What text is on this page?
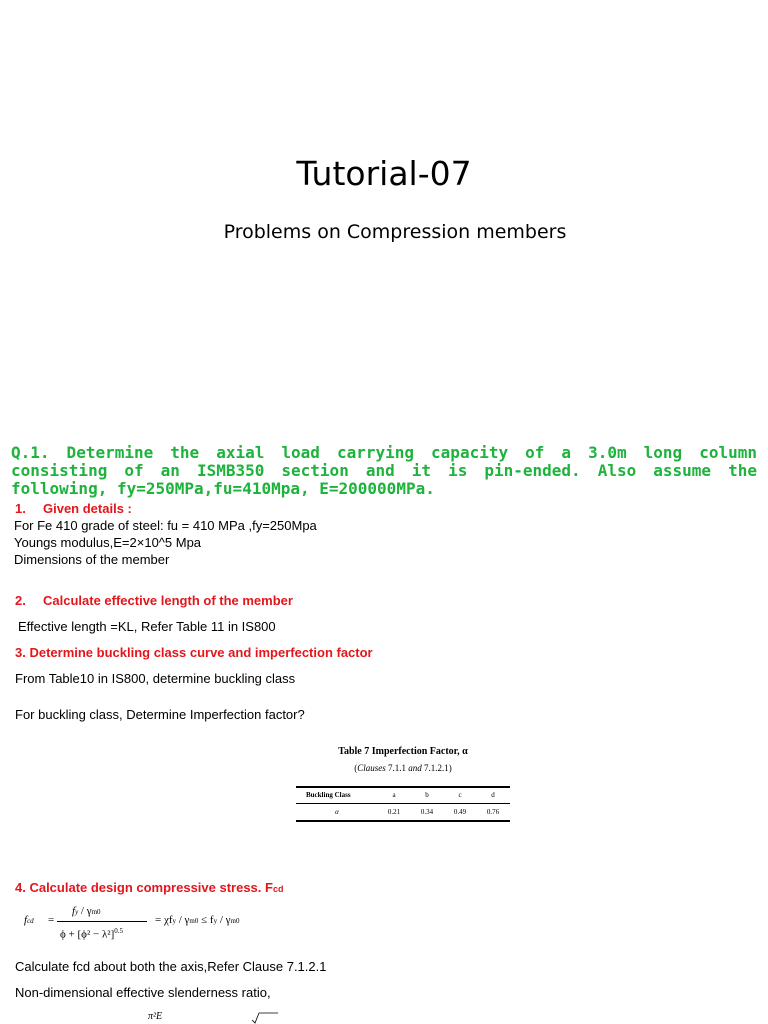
Tutorial-07
Problems on Compression members
Q.1. Determine the axial load carrying capacity of a 3.0m long column consisting of an ISMB350 section and it is pin-ended. Also assume the following, fy=250MPa,fu=410Mpa, E=200000MPa.
1. Given details :
For Fe 410 grade of steel: fu = 410 MPa ,fy=250Mpa
Youngs modulus,E=2×10^5 Mpa
Dimensions of the member
2. Calculate effective length of the member
Effective length =KL, Refer Table 11 in IS800
3. Determine buckling class curve and imperfection factor
From Table10 in IS800, determine buckling class
For buckling class, Determine Imperfection factor?
Table 7 Imperfection Factor, α
(Clauses 7.1.1 and 7.1.2.1)
Buckling Class	a	b	c	d
α	0.21	0.34	0.49	0.76
4. Calculate design compressive stress. Fcd
fcd =
fy / γm0
$\phi + [\phi^2 - \lambda^2]^{0.5}$
= χfy / γm0 ≤ fy / γm0
Calculate fcd about both the axis,Refer Clause 7.1.2.1
Non-dimensional effective slenderness ratio,
π²E
